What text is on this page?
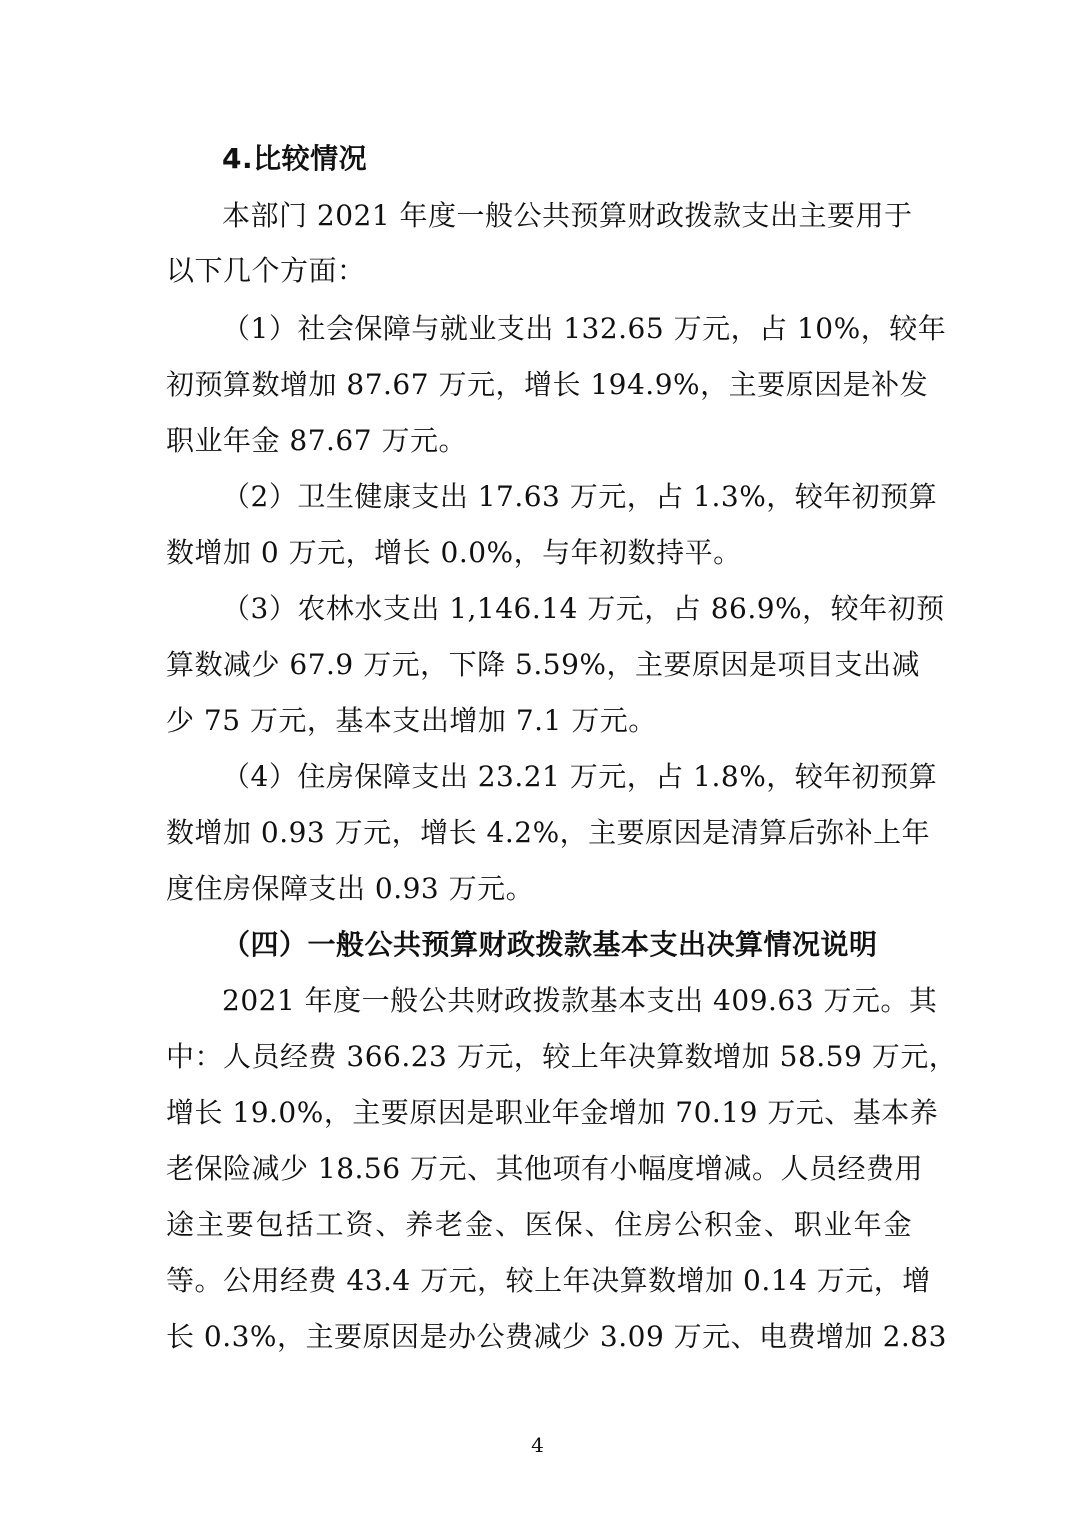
4.比较情况
本部门 2021 年度一般公共预算财政拨款支出主要用于
以下几个方面：
（1）社会保障与就业支出 132.65 万元，占 10%，较年
初预算数增加 87.67 万元，增长 194.9%，主要原因是补发
职业年金 87.67 万元。
（2）卫生健康支出 17.63 万元，占 1.3%，较年初预算
数增加 0 万元，增长 0.0%，与年初数持平。
（3）农林水支出 1,146.14 万元，占 86.9%，较年初预
算数减少 67.9 万元，下降 5.59%，主要原因是项目支出减
少 75 万元，基本支出增加 7.1 万元。
（4）住房保障支出 23.21 万元，占 1.8%，较年初预算
数增加 0.93 万元，增长 4.2%，主要原因是清算后弥补上年
度住房保障支出 0.93 万元。
（四）一般公共预算财政拨款基本支出决算情况说明
2021 年度一般公共财政拨款基本支出 409.63 万元。其
中：人员经费 366.23 万元，较上年决算数增加 58.59 万元，
增长 19.0%，主要原因是职业年金增加 70.19 万元、基本养
老保险减少 18.56 万元、其他项有小幅度增减。人员经费用
途主要包括工资、养老金、医保、住房公积金、职业年金
等。公用经费 43.4 万元，较上年决算数增加 0.14 万元，增
长 0.3%，主要原因是办公费减少 3.09 万元、电费增加 2.83
4
